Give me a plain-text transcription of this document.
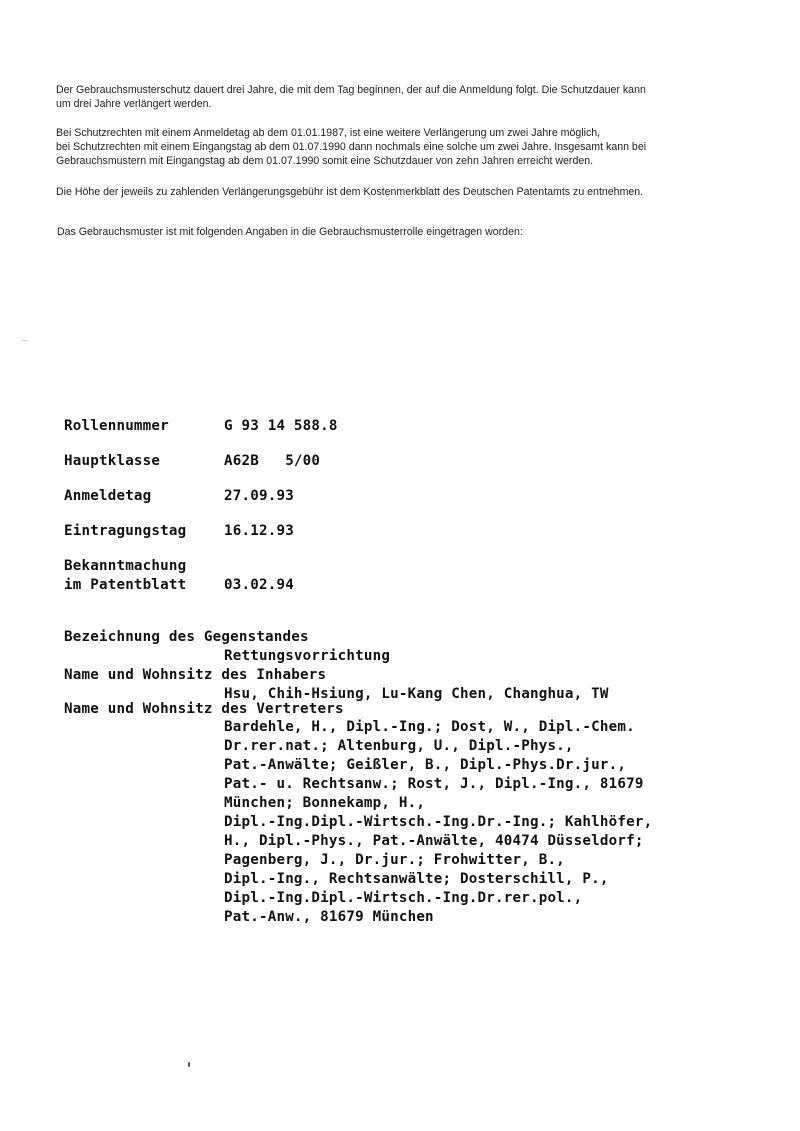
Der Gebrauchsmusterschutz dauert drei Jahre, die mit dem Tag beginnen, der auf die Anmeldung folgt. Die Schutzdauer kann

um drei Jahre verlängert werden.

Bei Schutzrechten mit einem Anmeldetag ab dem 01.01.1987, ist eine weitere Verlängerung um zwei Jahre möglich,

bei Schutzrechten mit einem Eingangstag ab dem 01.07.1990 dann nochmals eine solche um zwei Jahre. Insgesamt kann bei

Gebrauchsmustern mit Eingangstag ab dem 01.07.1990 somit eine Schutzdauer von zehn Jahren erreicht werden.

Die Höhe der jeweils zu zahlenden Verlängerungsgebühr ist dem Kostenmerkblatt des Deutschen Patentamts zu entnehmen.

Das Gebrauchsmuster ist mit folgenden Angaben in die Gebrauchsmusterrolle eingetragen worden:

Rollennummer	G 93 14 588.8
Hauptklasse	A62B   5/00
Anmeldetag	27.09.93
Eintragungstag	16.12.93
Bekanntmachung
im Patentblatt	03.02.94
Bezeichnung des Gegenstandes
Rettungsvorrichtung
Name und Wohnsitz des Inhabers
Hsu, Chih-Hsiung, Lu-Kang Chen, Changhua, TW
Name und Wohnsitz des Vertreters
Bardehle, H., Dipl.-Ing.; Dost, W., Dipl.-Chem.
Dr.rer.nat.; Altenburg, U., Dipl.-Phys.,
Pat.-Anwälte; Geißler, B., Dipl.-Phys.Dr.jur.,
Pat.- u. Rechtsanw.; Rost, J., Dipl.-Ing., 81679
München; Bonnekamp, H.,
Dipl.-Ing.Dipl.-Wirtsch.-Ing.Dr.-Ing.; Kahlhöfer,
H., Dipl.-Phys., Pat.-Anwälte, 40474 Düsseldorf;
Pagenberg, J., Dr.jur.; Frohwitter, B.,
Dipl.-Ing., Rechtsanwälte; Dosterschill, P.,
Dipl.-Ing.Dipl.-Wirtsch.-Ing.Dr.rer.pol.,
Pat.-Anw., 81679 München
